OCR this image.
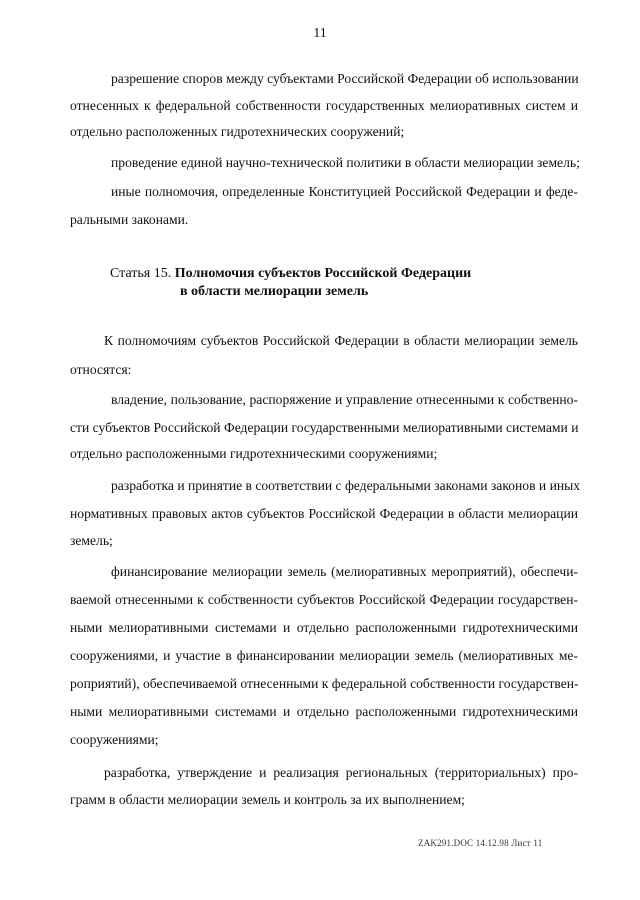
11
разрешение споров между субъектами Российской Федерации об использовании
отнесенных к федеральной собственности государственных мелиоративных систем и
отдельно расположенных гидротехнических сооружений;
проведение единой научно-технической политики в области мелиорации земель;
иные полномочия, определенные Конституцией Российской Федерации и феде-
ральными законами.
Статья 15. Полномочия субъектов Российской Федерации
в области мелиорации земель
К полномочиям субъектов Российской Федерации в области мелиорации земель
относятся:
владение, пользование, распоряжение и управление отнесенными к собственно-
сти субъектов Российской Федерации государственными мелиоративными системами и
отдельно расположенными гидротехническими сооружениями;
разработка и принятие в соответствии с федеральными законами законов и иных
нормативных правовых актов субъектов Российской Федерации в области мелиорации
земель;
финансирование мелиорации земель (мелиоративных мероприятий), обеспечи-
ваемой отнесенными к собственности субъектов Российской Федерации государствен-
ными мелиоративными системами и отдельно расположенными гидротехническими
сооружениями, и участие в финансировании мелиорации земель (мелиоративных ме-
роприятий), обеспечиваемой отнесенными к федеральной собственности государствен-
ными мелиоративными системами и отдельно расположенными гидротехническими
сооружениями;
разработка, утверждение и реализация региональных (территориальных) про-
грамм в области мелиорации земель и контроль за их выполнением;
ZAK291.DOC 14.12.98 Лист 11
